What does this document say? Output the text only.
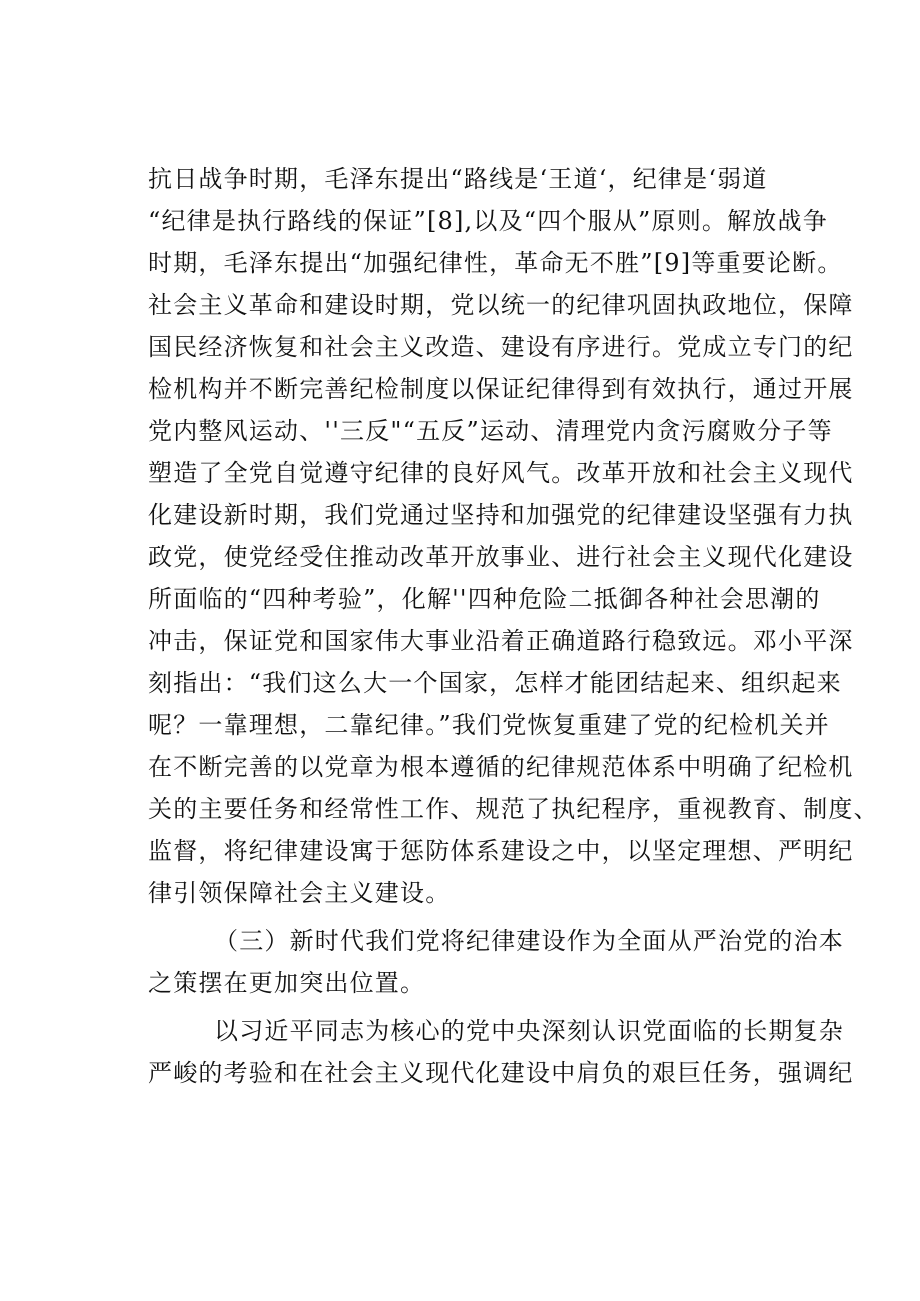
抗日战争时期，毛泽东提出“路线是‘王道‘，纪律是‘弱道
“纪律是执行路线的保证”[8],以及“四个服从”原则。解放战争
时期，毛泽东提出“加强纪律性，革命无不胜”[9]等重要论断。
社会主义革命和建设时期，党以统一的纪律巩固执政地位，保障
国民经济恢复和社会主义改造、建设有序进行。党成立专门的纪
检机构并不断完善纪检制度以保证纪律得到有效执行，通过开展
党内整风运动、''三反"“五反”运动、清理党内贪污腐败分子等
塑造了全党自觉遵守纪律的良好风气。改革开放和社会主义现代
化建设新时期，我们党通过坚持和加强党的纪律建设坚强有力执
政党，使党经受住推动改革开放事业、进行社会主义现代化建设
所面临的“四种考验”，化解''四种危险二抵御各种社会思潮的
冲击，保证党和国家伟大事业沿着正确道路行稳致远。邓小平深
刻指出：“我们这么大一个国家，怎样才能团结起来、组织起来
呢？一靠理想，二靠纪律。”我们党恢复重建了党的纪检机关并
在不断完善的以党章为根本遵循的纪律规范体系中明确了纪检机
关的主要任务和经常性工作、规范了执纪程序，重视教育、制度、
监督，将纪律建设寓于惩防体系建设之中，以坚定理想、严明纪
律引领保障社会主义建设。
（三）新时代我们党将纪律建设作为全面从严治党的治本
之策摆在更加突出位置。
以习近平同志为核心的党中央深刻认识党面临的长期复杂
严峻的考验和在社会主义现代化建设中肩负的艰巨任务，强调纪
